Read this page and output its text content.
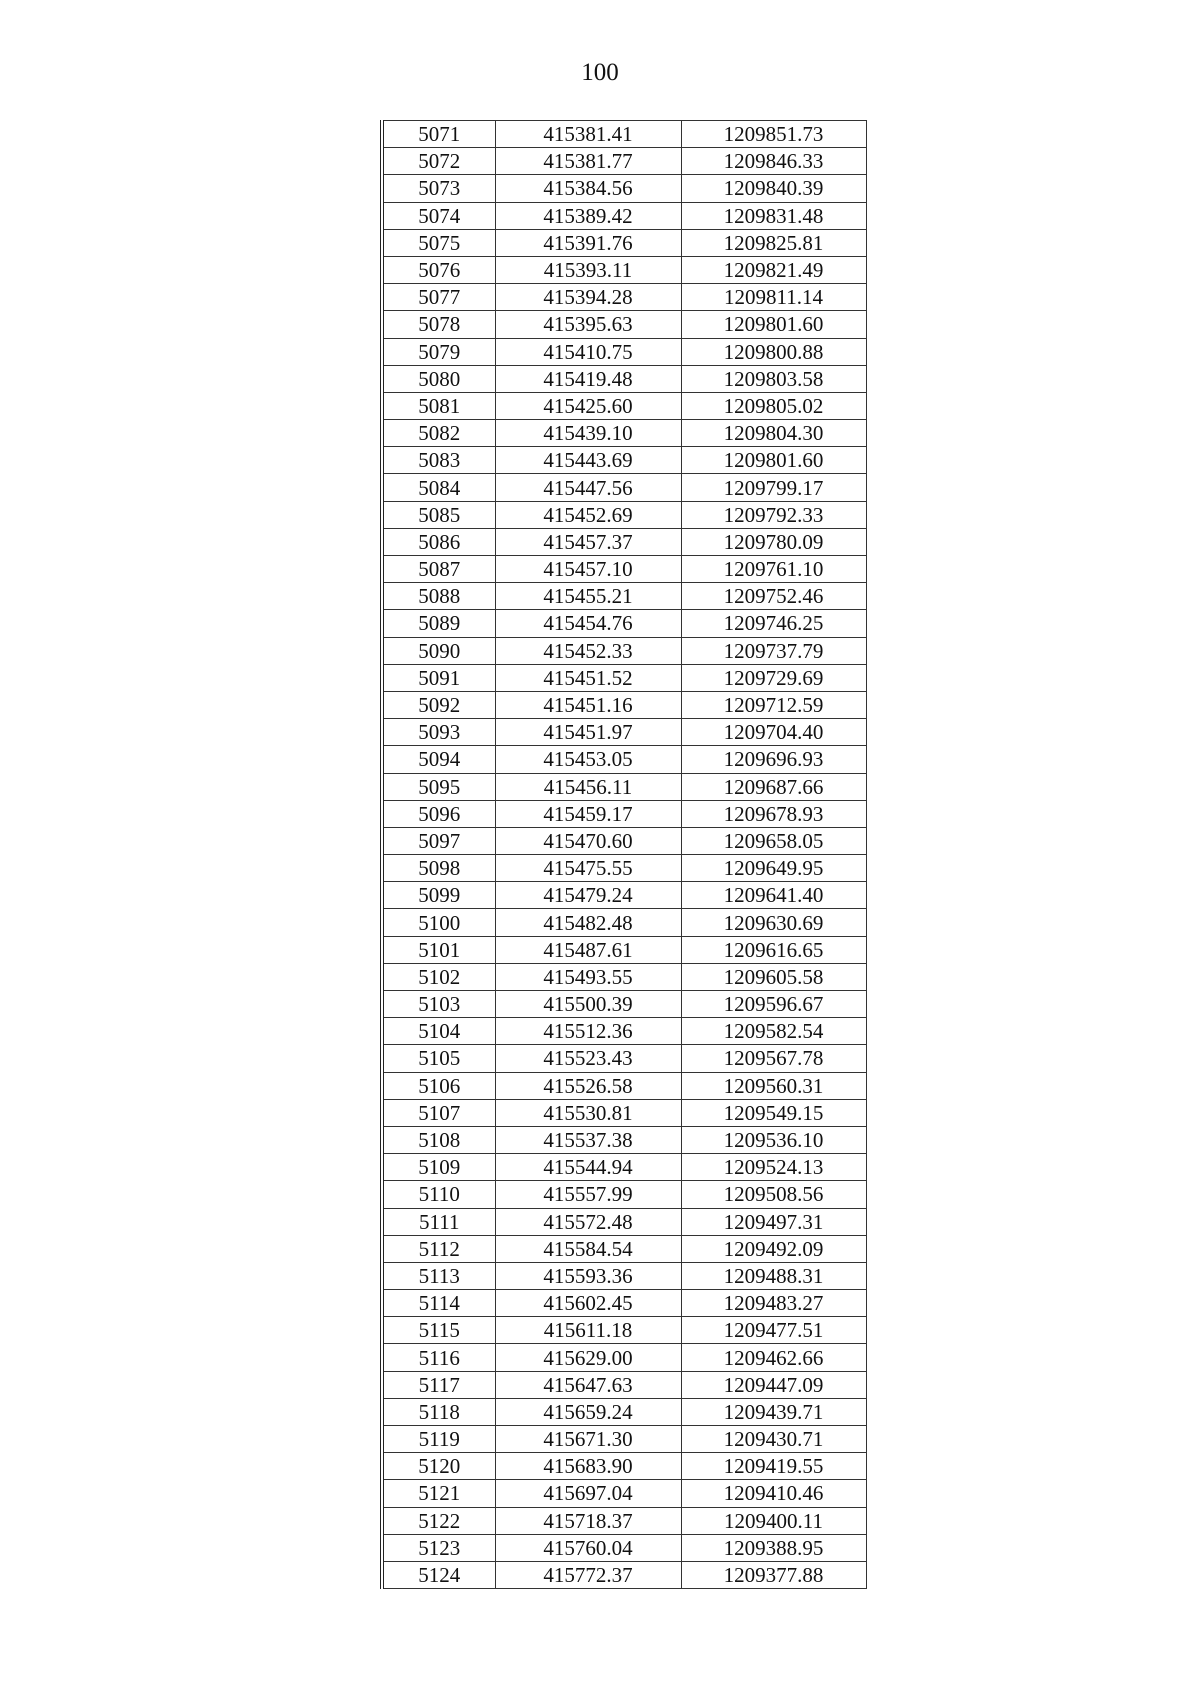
100
5071	415381.41	1209851.73
5072	415381.77	1209846.33
5073	415384.56	1209840.39
5074	415389.42	1209831.48
5075	415391.76	1209825.81
5076	415393.11	1209821.49
5077	415394.28	1209811.14
5078	415395.63	1209801.60
5079	415410.75	1209800.88
5080	415419.48	1209803.58
5081	415425.60	1209805.02
5082	415439.10	1209804.30
5083	415443.69	1209801.60
5084	415447.56	1209799.17
5085	415452.69	1209792.33
5086	415457.37	1209780.09
5087	415457.10	1209761.10
5088	415455.21	1209752.46
5089	415454.76	1209746.25
5090	415452.33	1209737.79
5091	415451.52	1209729.69
5092	415451.16	1209712.59
5093	415451.97	1209704.40
5094	415453.05	1209696.93
5095	415456.11	1209687.66
5096	415459.17	1209678.93
5097	415470.60	1209658.05
5098	415475.55	1209649.95
5099	415479.24	1209641.40
5100	415482.48	1209630.69
5101	415487.61	1209616.65
5102	415493.55	1209605.58
5103	415500.39	1209596.67
5104	415512.36	1209582.54
5105	415523.43	1209567.78
5106	415526.58	1209560.31
5107	415530.81	1209549.15
5108	415537.38	1209536.10
5109	415544.94	1209524.13
5110	415557.99	1209508.56
5111	415572.48	1209497.31
5112	415584.54	1209492.09
5113	415593.36	1209488.31
5114	415602.45	1209483.27
5115	415611.18	1209477.51
5116	415629.00	1209462.66
5117	415647.63	1209447.09
5118	415659.24	1209439.71
5119	415671.30	1209430.71
5120	415683.90	1209419.55
5121	415697.04	1209410.46
5122	415718.37	1209400.11
5123	415760.04	1209388.95
5124	415772.37	1209377.88
